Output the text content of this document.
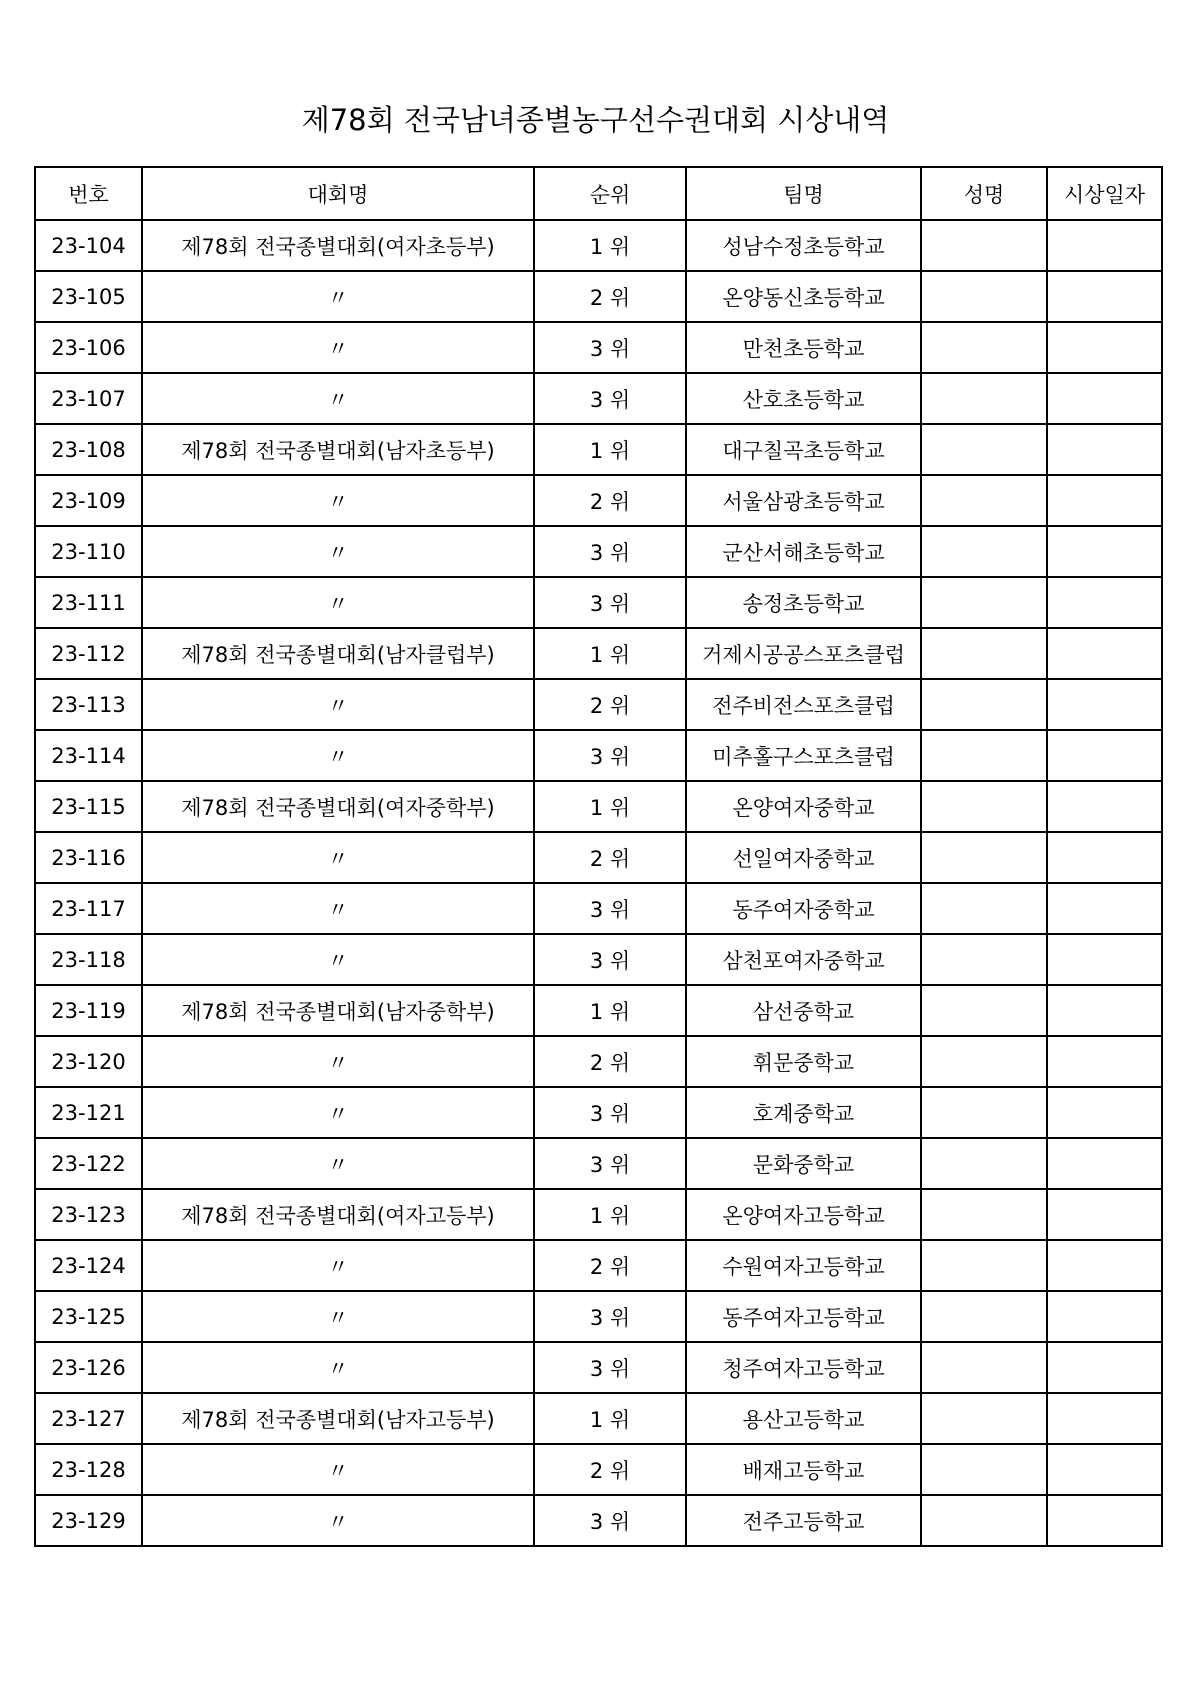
제78회 전국남녀종별농구선수권대회 시상내역
번호	대회명	순위	팀명	성명	시상일자
23-104	제78회 전국종별대회(여자초등부)	1 위	성남수정초등학교		
23-105	〃	2 위	온양동신초등학교		
23-106	〃	3 위	만천초등학교		
23-107	〃	3 위	산호초등학교		
23-108	제78회 전국종별대회(남자초등부)	1 위	대구칠곡초등학교		
23-109	〃	2 위	서울삼광초등학교		
23-110	〃	3 위	군산서해초등학교		
23-111	〃	3 위	송정초등학교		
23-112	제78회 전국종별대회(남자클럽부)	1 위	거제시공공스포츠클럽		
23-113	〃	2 위	전주비전스포츠클럽		
23-114	〃	3 위	미추홀구스포츠클럽		
23-115	제78회 전국종별대회(여자중학부)	1 위	온양여자중학교		
23-116	〃	2 위	선일여자중학교		
23-117	〃	3 위	동주여자중학교		
23-118	〃	3 위	삼천포여자중학교		
23-119	제78회 전국종별대회(남자중학부)	1 위	삼선중학교		
23-120	〃	2 위	휘문중학교		
23-121	〃	3 위	호계중학교		
23-122	〃	3 위	문화중학교		
23-123	제78회 전국종별대회(여자고등부)	1 위	온양여자고등학교		
23-124	〃	2 위	수원여자고등학교		
23-125	〃	3 위	동주여자고등학교		
23-126	〃	3 위	청주여자고등학교		
23-127	제78회 전국종별대회(남자고등부)	1 위	용산고등학교		
23-128	〃	2 위	배재고등학교		
23-129	〃	3 위	전주고등학교		
